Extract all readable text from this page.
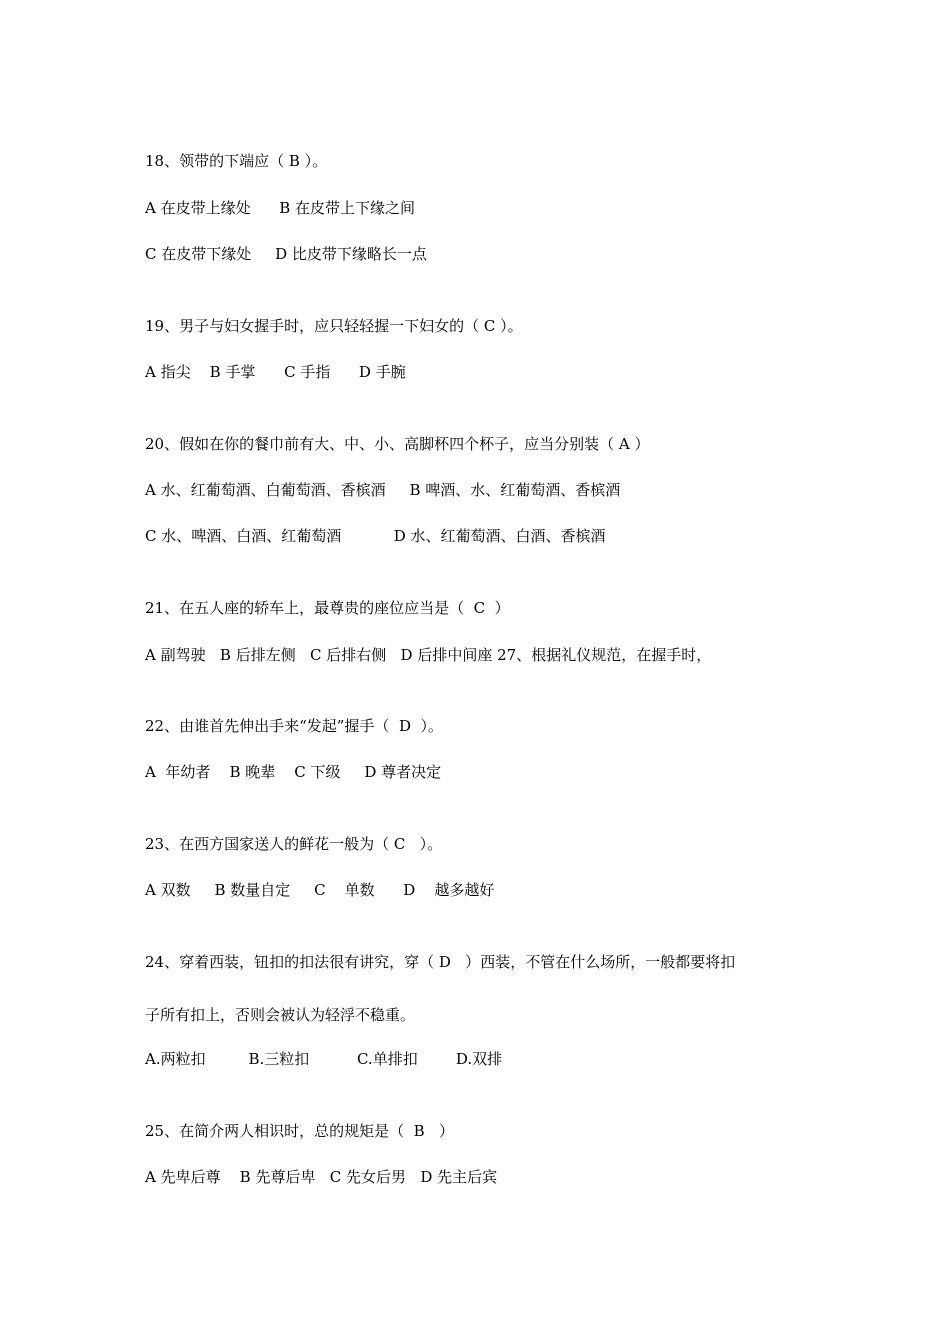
18、领带的下端应（ B ）。
A 在皮带上缘处      B 在皮带上下缘之间
C 在皮带下缘处     D 比皮带下缘略长一点
19、男子与妇女握手时，应只轻轻握一下妇女的（ C ）。
A 指尖    B 手掌      C 手指      D 手腕
20、假如在你的餐巾前有大、中、小、高脚杯四个杯子，应当分别装（ A ）
A 水、红葡萄酒、白葡萄酒、香槟酒     B 啤酒、水、红葡萄酒、香槟酒
C 水、啤酒、白酒、红葡萄酒           D 水、红葡萄酒、白酒、香槟酒
21、在五人座的轿车上，最尊贵的座位应当是（  C  ）
A 副驾驶   B 后排左侧   C 后排右侧   D 后排中间座 27、根据礼仪规范，在握手时，
22、由谁首先伸出手来“发起”握手（  D  ）。
A  年幼者    B 晚辈    C 下级     D 尊者决定
23、在西方国家送人的鲜花一般为（ C   ）。
A 双数     B 数量自定     C    单数      D    越多越好
24、穿着西装，钮扣的扣法很有讲究，穿（ D   ）西装，不管在什么场所，一般都要将扣
子所有扣上，否则会被认为轻浮不稳重。
A.两粒扣         B.三粒扣          C.单排扣        D.双排
25、在简介两人相识时，总的规矩是（  B   ）
A 先卑后尊    B 先尊后卑   C 先女后男   D 先主后宾
